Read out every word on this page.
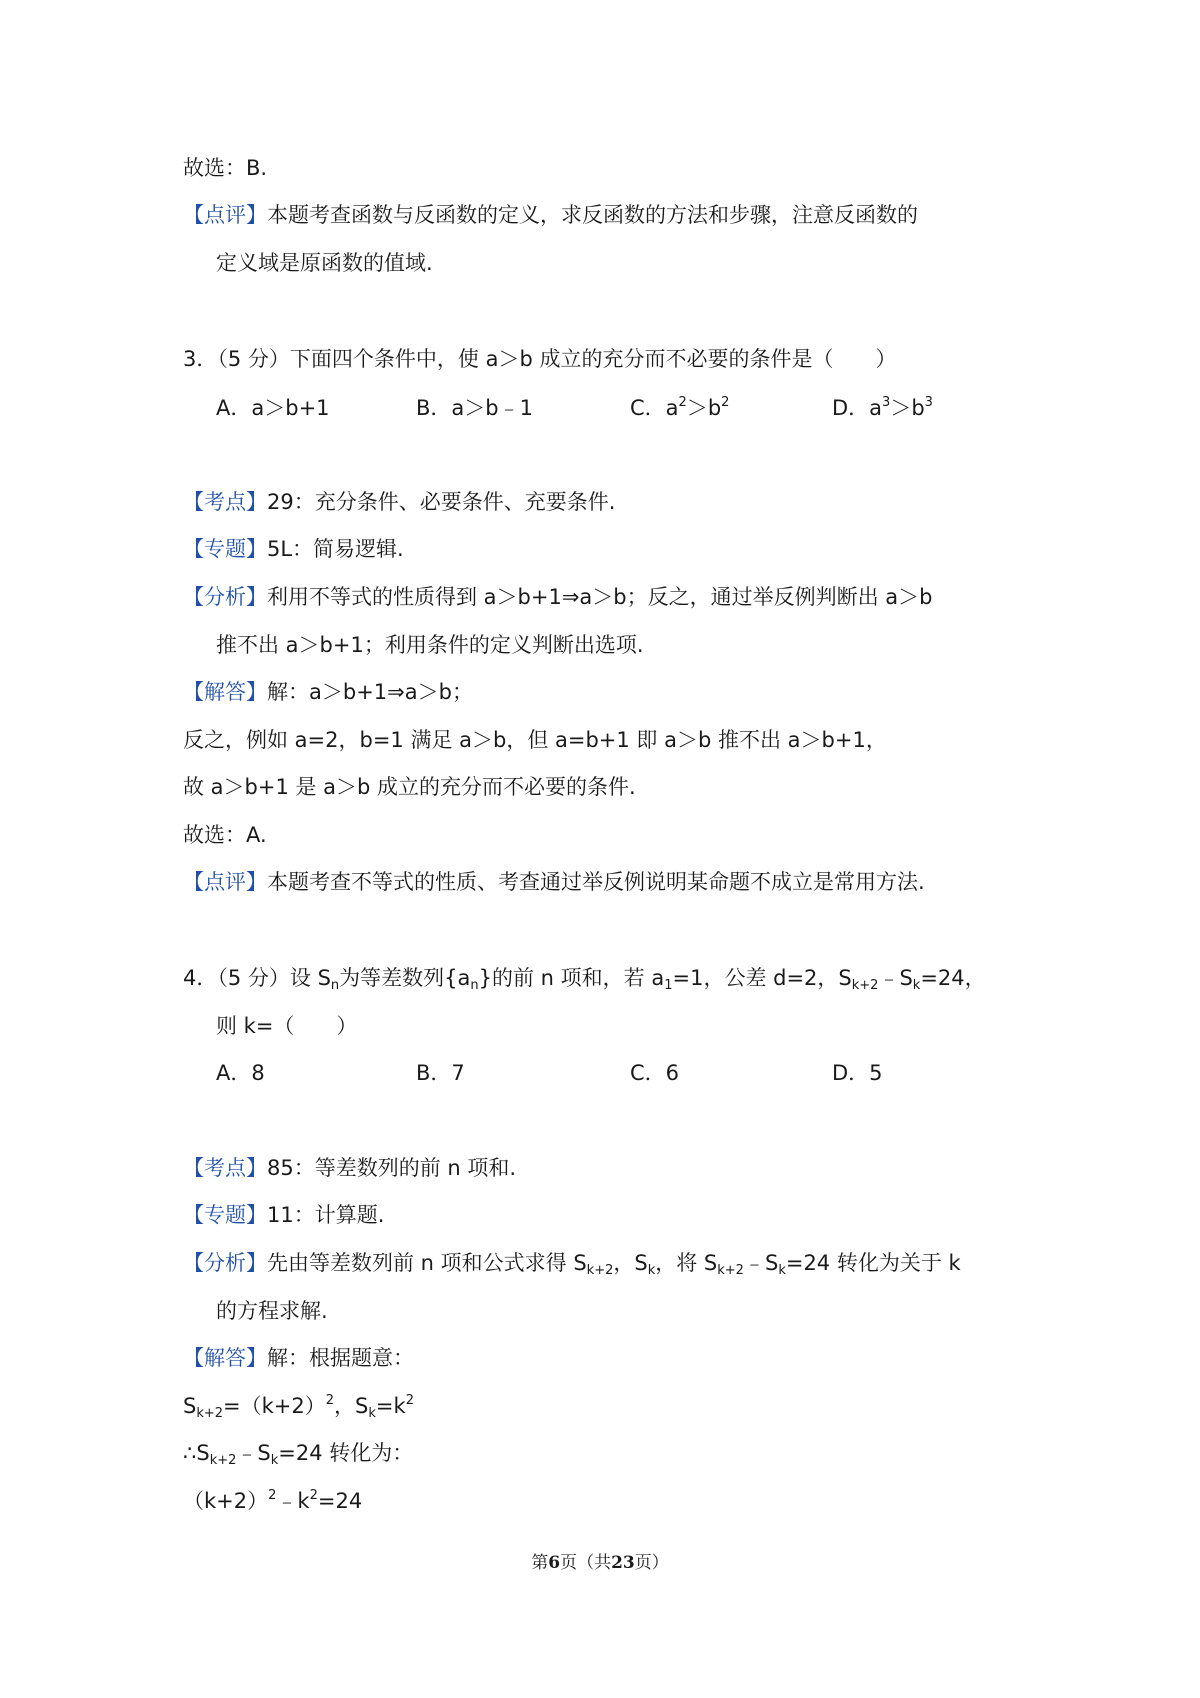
故选：B.
【点评】本题考查函数与反函数的定义，求反函数的方法和步骤，注意反函数的
定义域是原函数的值域.
3．（5 分）下面四个条件中，使 a＞b 成立的充分而不必要的条件是（　　）
A．a＞b+1	B．a＞b﹣1	C．$a^2>b^2$	D．$a^3>b^3$
【考点】29：充分条件、必要条件、充要条件.
【专题】5L：简易逻辑.
【分析】利用不等式的性质得到 a＞b+1⇒a＞b；反之，通过举反例判断出 a＞b
推不出 a＞b+1；利用条件的定义判断出选项.
【解答】解：a＞b+1⇒a＞b；
反之，例如 a=2，b=1 满足 a＞b，但 a=b+1 即 a＞b 推不出 a＞b+1，
故 a＞b+1 是 a＞b 成立的充分而不必要的条件.
故选：A.
【点评】本题考查不等式的性质、考查通过举反例说明某命题不成立是常用方法.
4．（5 分）设 $S_n$为等差数列$\{a_n\}$的前 n 项和，若 $a_1=1$，公差 d=2，$S_{k+2}﹣S_k=24$，
则 k=（　　）
A．8	B．7	C．6	D．5
【考点】85：等差数列的前 n 项和.
【专题】11：计算题.
【分析】先由等差数列前 n 项和公式求得 $S_{k+2}$，$S_k$，将 $S_{k+2}﹣S_k=24$ 转化为关于 k
的方程求解.
【解答】解：根据题意：
$S_{k+2}=(k+2)^2$，$S_k=k^2$
$\therefore S_{k+2}﹣S_k=24$ 转化为：
$(k+2)^2﹣k^2=24$
第6页（共23页）
